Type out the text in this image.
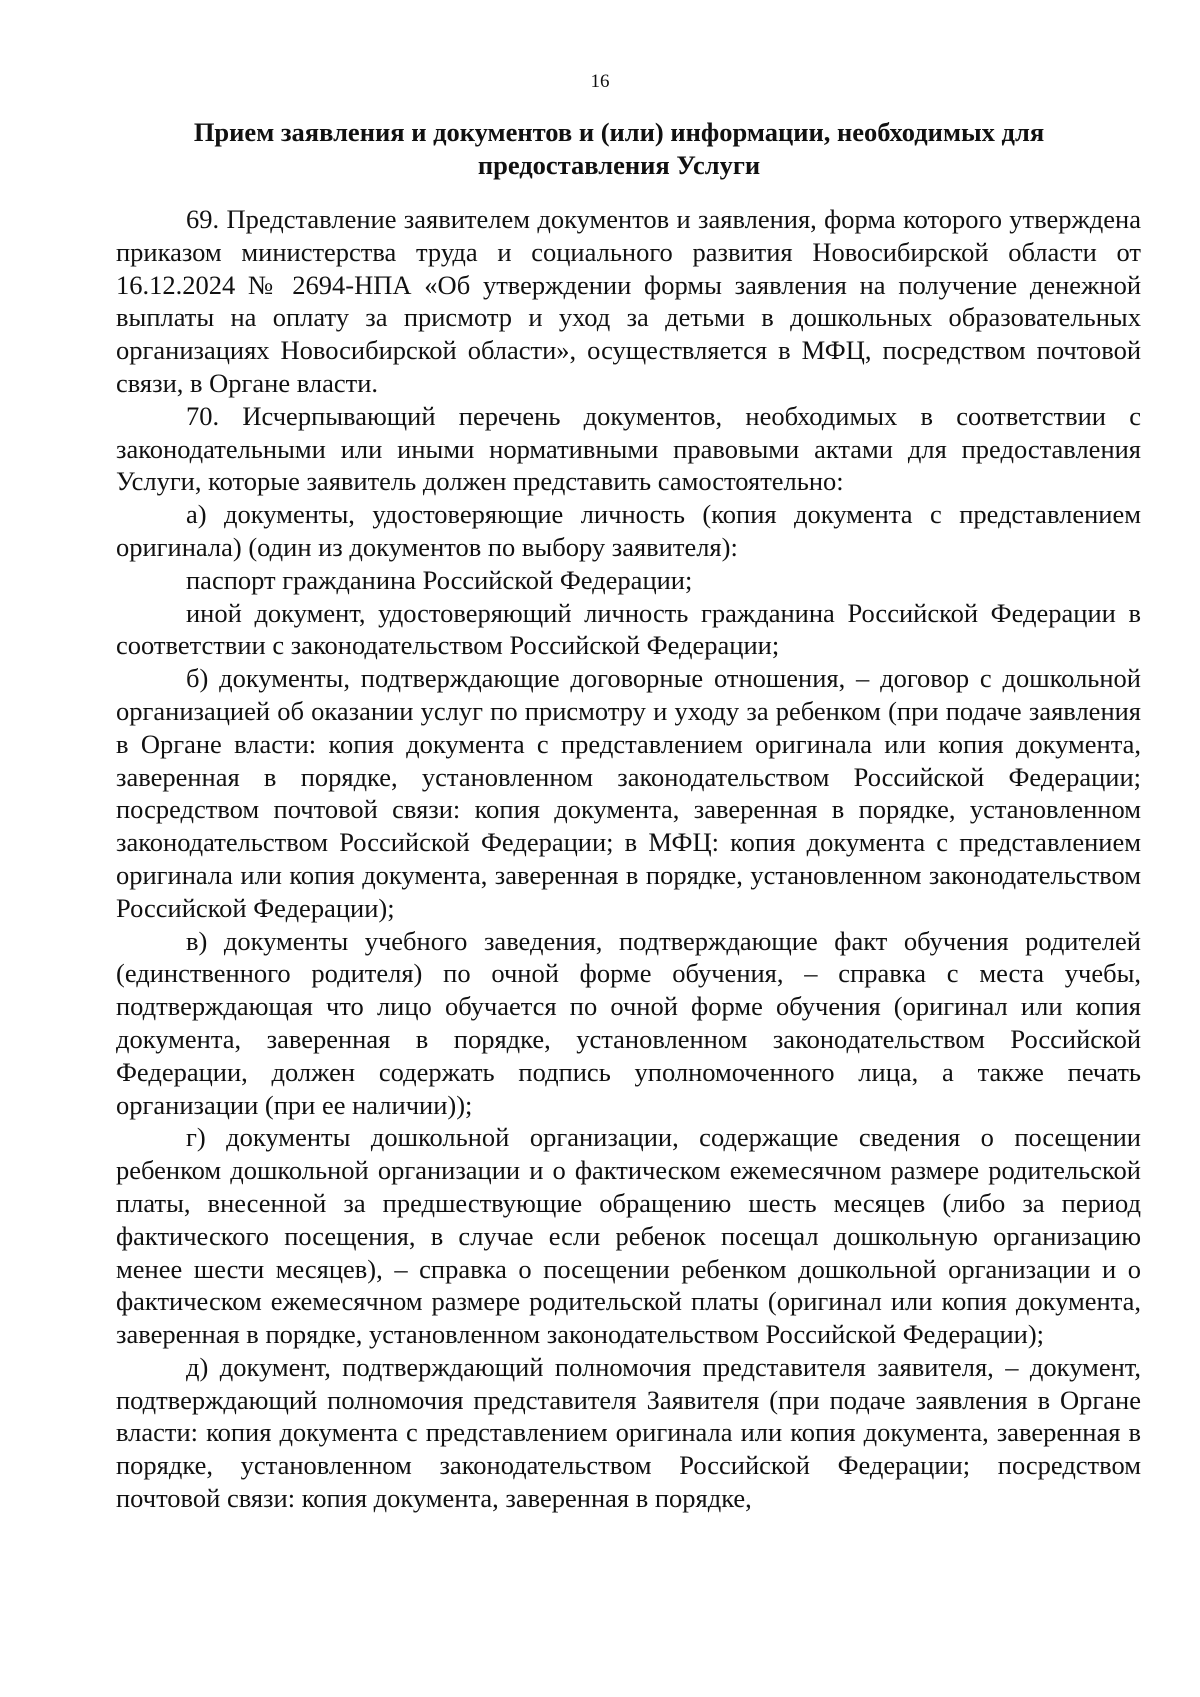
16
Прием заявления и документов и (или) информации, необходимых для предоставления Услуги

69. Представление заявителем документов и заявления, форма которого утверждена приказом министерства труда и социального развития Новосибирской области от 16.12.2024 № 2694-НПА «Об утверждении формы заявления на получение денежной выплаты на оплату за присмотр и уход за детьми в дошкольных образовательных организациях Новосибирской области», осуществляется в МФЦ, посредством почтовой связи, в Органе власти.

70. Исчерпывающий перечень документов, необходимых в соответствии с законодательными или иными нормативными правовыми актами для предоставления Услуги, которые заявитель должен представить самостоятельно:

а) документы, удостоверяющие личность (копия документа с представлением оригинала) (один из документов по выбору заявителя):

паспорт гражданина Российской Федерации;

иной документ, удостоверяющий личность гражданина Российской Федерации в соответствии с законодательством Российской Федерации;

б) документы, подтверждающие договорные отношения, – договор с дошкольной организацией об оказании услуг по присмотру и уходу за ребенком (при подаче заявления в Органе власти: копия документа с представлением оригинала или копия документа, заверенная в порядке, установленном законодательством Российской Федерации; посредством почтовой связи: копия документа, заверенная в порядке, установленном законодательством Российской Федерации; в МФЦ: копия документа с представлением оригинала или копия документа, заверенная в порядке, установленном законодательством Российской Федерации);

в) документы учебного заведения, подтверждающие факт обучения родителей (единственного родителя) по очной форме обучения, – справка с места учебы, подтверждающая что лицо обучается по очной форме обучения (оригинал или копия документа, заверенная в порядке, установленном законодательством Российской Федерации, должен содержать подпись уполномоченного лица, а также печать организации (при ее наличии));

г) документы дошкольной организации, содержащие сведения о посещении ребенком дошкольной организации и о фактическом ежемесячном размере родительской платы, внесенной за предшествующие обращению шесть месяцев (либо за период фактического посещения, в случае если ребенок посещал дошкольную организацию менее шести месяцев), – справка о посещении ребенком дошкольной организации и о фактическом ежемесячном размере родительской платы (оригинал или копия документа, заверенная в порядке, установленном законодательством Российской Федерации);

д) документ, подтверждающий полномочия представителя заявителя, – документ, подтверждающий полномочия представителя Заявителя (при подаче заявления в Органе власти: копия документа с представлением оригинала или копия документа, заверенная в порядке, установленном законодательством Российской Федерации; посредством почтовой связи: копия документа, заверенная в порядке,
